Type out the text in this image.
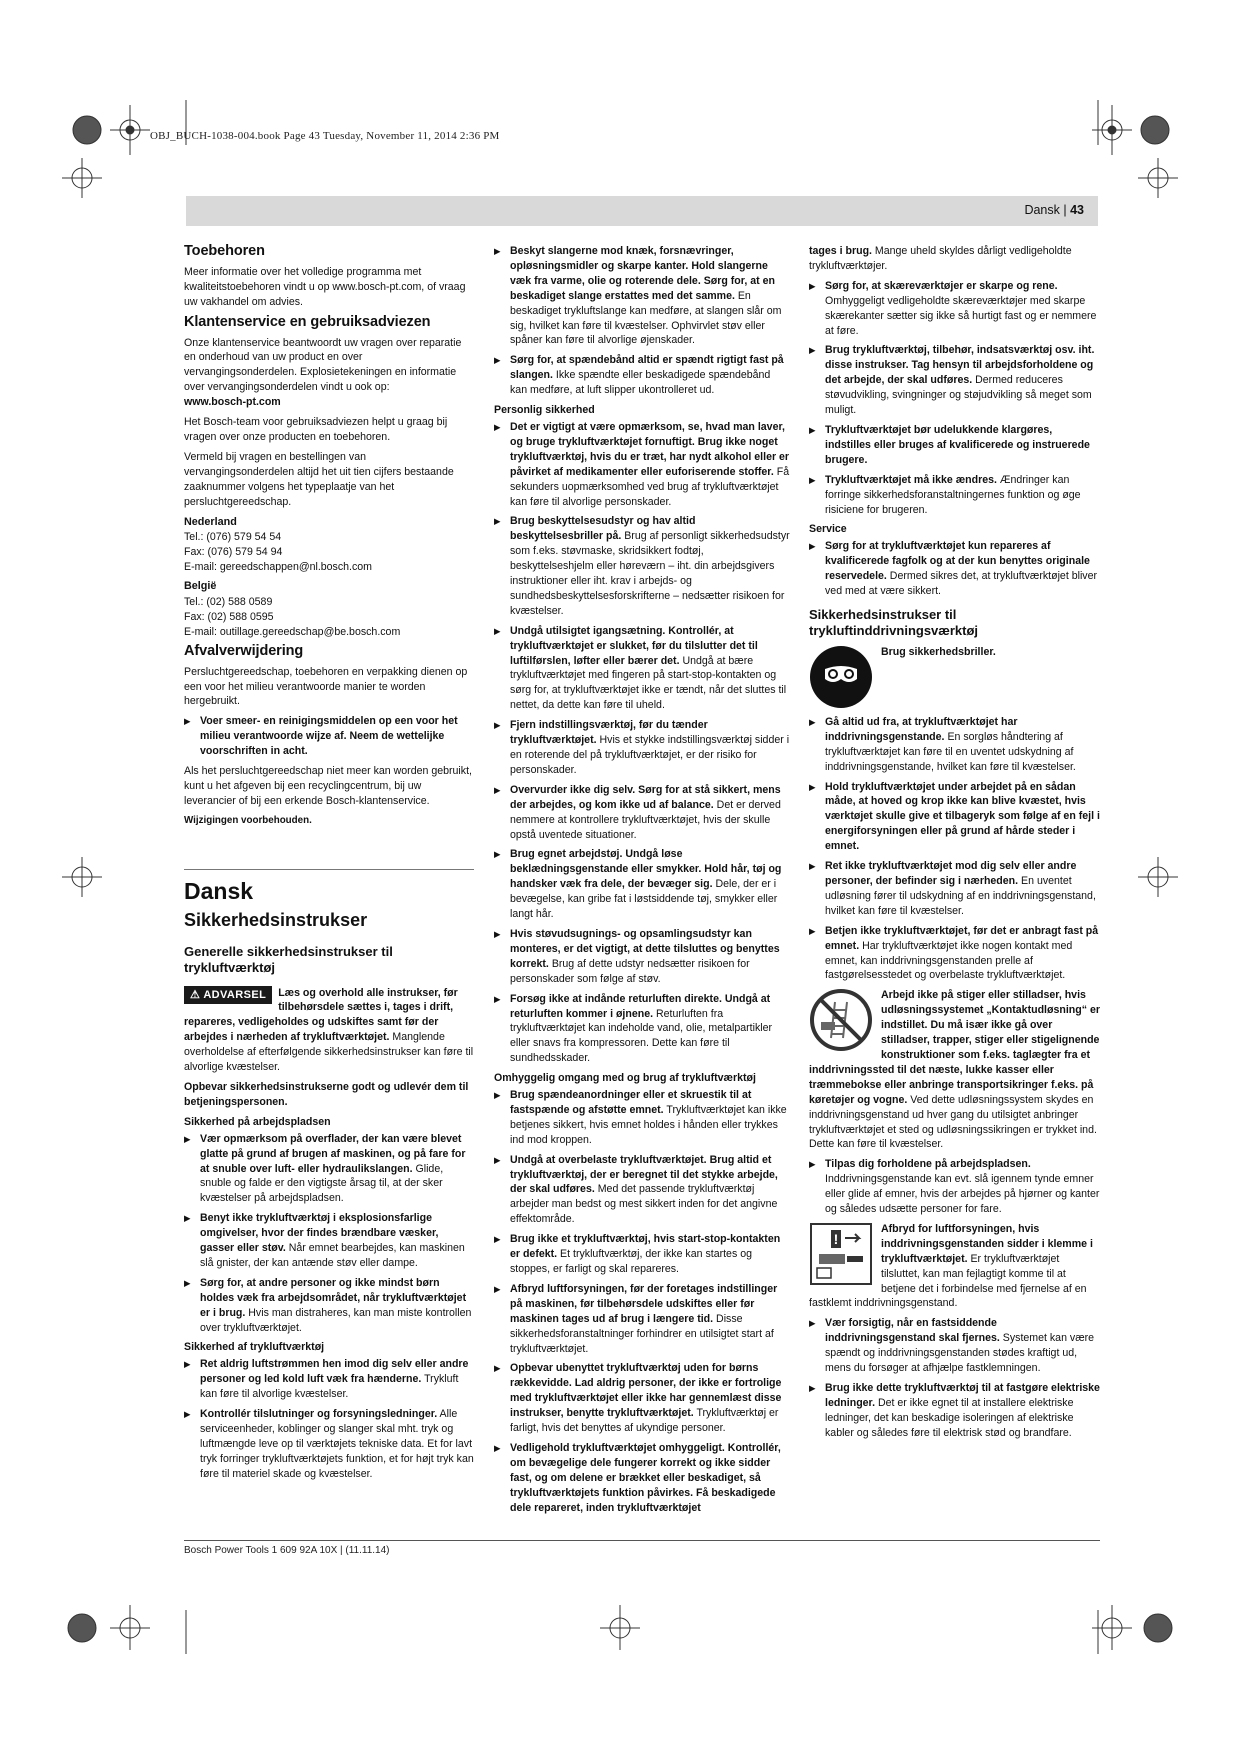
OBJ_BUCH-1038-004.book Page 43 Tuesday, November 11, 2014 2:36 PM
Dansk | 43
Toebehoren

Meer informatie over het volledige programma met kwaliteitstoebehoren vindt u op www.bosch-pt.com, of vraag uw vakhandel om advies.

Klantenservice en gebruiksadviezen

Onze klantenservice beantwoordt uw vragen over reparatie en onderhoud van uw product en over vervangingsonderdelen. Explosietekeningen en informatie over vervangingsonderdelen vindt u ook op:

www.bosch-pt.com

Het Bosch-team voor gebruiksadviezen helpt u graag bij vragen over onze producten en toebehoren.

Vermeld bij vragen en bestellingen van vervangingsonderdelen altijd het uit tien cijfers bestaande zaaknummer volgens het typeplaatje van het persluchtgereedschap.

Nederland
Tel.: (076) 579 54 54
Fax: (076) 579 54 94
E-mail: gereedschappen@nl.bosch.com
België
Tel.: (02) 588 0589
Fax: (02) 588 0595
E-mail: outillage.gereedschap@be.bosch.com
Afvalverwijdering

Persluchtgereedschap, toebehoren en verpakking dienen op een voor het milieu verantwoorde manier te worden hergebruikt.

▶ Voer smeer- en reinigingsmiddelen op een voor het milieu verantwoorde wijze af. Neem de wettelijke voorschriften in acht.

Als het persluchtgereedschap niet meer kan worden gebruikt, kunt u het afgeven bij een recyclingcentrum, bij uw leverancier of bij een erkende Bosch-klantenservice.

Wijzigingen voorbehouden.

Dansk
Sikkerhedsinstrukser
Generelle sikkerhedsinstrukser til trykluftværktøj

⚠ ADVARSEL	Læs og overhold alle instrukser, før tilbehørsdele sættes i, tages i drift, repareres, vedligeholdes og udskiftes samt før der arbejdes i nærheden af trykluftværktøjet. Manglende overholdelse af efterfølgende sikkerhedsinstrukser kan føre til alvorlige kvæstelser.

Opbevar sikkerhedsinstrukserne godt og udlevér dem til betjeningspersonen.

Sikkerhed på arbejdspladsen
▶ Vær opmærksom på overflader, der kan være blevet glatte på grund af brugen af maskinen, og på fare for at snuble over luft- eller hydraulikslangen. Glide, snuble og falde er den vigtigste årsag til, at der sker kvæstelser på arbejdspladsen.
▶ Benyt ikke trykluftværktøj i eksplosionsfarlige omgivelser, hvor der findes brændbare væsker, gasser eller støv. Når emnet bearbejdes, kan maskinen slå gnister, der kan antænde støv eller dampe.
▶ Sørg for, at andre personer og ikke mindst børn holdes væk fra arbejdsområdet, når trykluftværktøjet er i brug. Hvis man distraheres, kan man miste kontrollen over trykluftværktøjet.
Sikkerhed af trykluftværktøj
▶ Ret aldrig luftstrømmen hen imod dig selv eller andre personer og led kold luft væk fra hænderne. Trykluft kan føre til alvorlige kvæstelser.
▶ Kontrollér tilslutninger og forsyningsledninger. Alle serviceenheder, koblinger og slanger skal mht. tryk og luftmængde leve op til værktøjets tekniske data. Et for lavt tryk forringer trykluftværktøjets funktion, et for højt tryk kan føre til materiel skade og kvæstelser.
▶ Beskyt slangerne mod knæk, forsnævringer, opløsningsmidler og skarpe kanter. Hold slangerne væk fra varme, olie og roterende dele. Sørg for, at en beskadiget slange erstattes med det samme. En beskadiget trykluftslange kan medføre, at slangen slår om sig, hvilket kan føre til kvæstelser. Ophvirvlet støv eller spåner kan føre til alvorlige øjenskader.
▶ Sørg for, at spændebånd altid er spændt rigtigt fast på slangen. Ikke spændte eller beskadigede spændebånd kan medføre, at luft slipper ukontrolleret ud.
Personlig sikkerhed
▶ Det er vigtigt at være opmærksom, se, hvad man laver, og bruge trykluftværktøjet fornuftigt. Brug ikke noget trykluftværktøj, hvis du er træt, har nydt alkohol eller er påvirket af medikamenter eller euforiserende stoffer. Få sekunders uopmærksomhed ved brug af trykluftværktøjet kan føre til alvorlige personskader.
▶ Brug beskyttelsesudstyr og hav altid beskyttelsesbriller på. Brug af personligt sikkerhedsudstyr som f.eks. støvmaske, skridsikkert fodtøj, beskyttelseshjelm eller høreværn – iht. din arbejdsgivers instruktioner eller iht. krav i arbejds- og sundhedsbeskyttelsesforskrifterne – nedsætter risikoen for kvæstelser.
▶ Undgå utilsigtet igangsætning. Kontrollér, at trykluftværktøjet er slukket, før du tilslutter det til luftilførslen, løfter eller bærer det. Undgå at bære trykluftværktøjet med fingeren på start-stop-kontakten og sørg for, at trykluftværktøjet ikke er tændt, når det sluttes til nettet, da dette kan føre til uheld.
▶ Fjern indstillingsværktøj, før du tænder trykluftværktøjet. Hvis et stykke indstillingsværktøj sidder i en roterende del på trykluftværktøjet, er der risiko for personskader.
▶ Overvurder ikke dig selv. Sørg for at stå sikkert, mens der arbejdes, og kom ikke ud af balance. Det er derved nemmere at kontrollere trykluftværktøjet, hvis der skulle opstå uventede situationer.
▶ Brug egnet arbejdstøj. Undgå løse beklædningsgenstande eller smykker. Hold hår, tøj og handsker væk fra dele, der bevæger sig. Dele, der er i bevægelse, kan gribe fat i løstsiddende tøj, smykker eller langt hår.
▶ Hvis støvudsugnings- og opsamlingsudstyr kan monteres, er det vigtigt, at dette tilsluttes og benyttes korrekt. Brug af dette udstyr nedsætter risikoen for personskader som følge af støv.
▶ Forsøg ikke at indånde returluften direkte. Undgå at returluften kommer i øjnene. Returluften fra trykluftværktøjet kan indeholde vand, olie, metalpartikler eller snavs fra kompressoren. Dette kan føre til sundhedsskader.
Omhyggelig omgang med og brug af trykluftværktøj
▶ Brug spændeanordninger eller et skruestik til at fastspænde og afstøtte emnet. Trykluftværktøjet kan ikke betjenes sikkert, hvis emnet holdes i hånden eller trykkes ind mod kroppen.
▶ Undgå at overbelaste trykluftværktøjet. Brug altid et trykluftværktøj, der er beregnet til det stykke arbejde, der skal udføres. Med det passende trykluftværktøj arbejder man bedst og mest sikkert inden for det angivne effektområde.
▶ Brug ikke et trykluftværktøj, hvis start-stop-kontakten er defekt. Et trykluftværktøj, der ikke kan startes og stoppes, er farligt og skal repareres.
▶ Afbryd luftforsyningen, før der foretages indstillinger på maskinen, før tilbehørsdele udskiftes eller før maskinen tages ud af brug i længere tid. Disse sikkerhedsforanstaltninger forhindrer en utilsigtet start af trykluftværktøjet.
▶ Opbevar ubenyttet trykluftværktøj uden for børns rækkevidde. Lad aldrig personer, der ikke er fortrolige med trykluftværktøjet eller ikke har gennemlæst disse instrukser, benytte trykluftværktøjet. Trykluftværktøj er farligt, hvis det benyttes af ukyndige personer.
▶ Vedligehold trykluftværktøjet omhyggeligt. Kontrollér, om bevægelige dele fungerer korrekt og ikke sidder fast, og om delene er brækket eller beskadiget, så trykluftværktøjets funktion påvirkes. Få beskadigede dele repareret, inden trykluftværktøjet

tages i brug. Mange uheld skyldes dårligt vedligeholdte trykluftværktøjer.

▶ Sørg for, at skæreværktøjer er skarpe og rene. Omhyggeligt vedligeholdte skæreværktøjer med skarpe skærekanter sætter sig ikke så hurtigt fast og er nemmere at føre.
▶ Brug trykluftværktøj, tilbehør, indsatsværktøj osv. iht. disse instrukser. Tag hensyn til arbejdsforholdene og det arbejde, der skal udføres. Dermed reduceres støvudvikling, svingninger og støjudvikling så meget som muligt.
▶ Trykluftværktøjet bør udelukkende klargøres, indstilles eller bruges af kvalificerede og instruerede brugere.
▶ Trykluftværktøjet må ikke ændres. Ændringer kan forringe sikkerhedsforanstaltningernes funktion og øge risiciene for brugeren.
Service
▶ Sørg for at trykluftværktøjet kun repareres af kvalificerede fagfolk og at der kun benyttes originale reservedele. Dermed sikres det, at trykluftværktøjet bliver ved med at være sikkert.
Sikkerhedsinstrukser til trykluftinddrivningsværktøj
Brug sikkerhedsbriller.
▶ Gå altid ud fra, at trykluftværktøjet har inddrivningsgenstande. En sorgløs håndtering af trykluftværktøjet kan føre til en uventet udskydning af inddrivningsgenstande, hvilket kan føre til kvæstelser.
▶ Hold trykluftværktøjet under arbejdet på en sådan måde, at hoved og krop ikke kan blive kvæstet, hvis værktøjet skulle give et tilbageryk som følge af en fejl i energiforsyningen eller på grund af hårde steder i emnet.
▶ Ret ikke trykluftværktøjet mod dig selv eller andre personer, der befinder sig i nærheden. En uventet udløsning fører til udskydning af en inddrivningsgenstand, hvilket kan føre til kvæstelser.
▶ Betjen ikke trykluftværktøjet, før det er anbragt fast på emnet. Har trykluftværktøjet ikke nogen kontakt med emnet, kan inddrivningsgenstanden prelle af fastgørelsesstedet og overbelaste trykluftværktøjet.

Arbejd ikke på stiger eller stilladser, hvis udløsningssystemet „Kontaktudløsning“ er indstillet. Du må især ikke gå over stilladser, trapper, stiger eller stigelignende konstruktioner som f.eks. taglægter fra et inddrivningssted til det næste, lukke kasser eller træmmebokse eller anbringe transportsikringer f.eks. på køretøjer og vogne. Ved dette udløsningssystem skydes en inddrivningsgenstand ud hver gang du utilsigtet anbringer trykluftværktøjet et sted og udløsningssikringen er trykket ind. Dette kan føre til kvæstelser.

▶ Tilpas dig forholdene på arbejdspladsen. Inddrivningsgenstande kan evt. slå igennem tynde emner eller glide af emner, hvis der arbejdes på hjørner og kanter og således udsætte personer for fare.

!
Afbryd for luftforsyningen, hvis inddrivningsgenstanden sidder i klemme i trykluftværktøjet. Er trykluftværktøjet tilsluttet, kan man fejlagtigt komme til at betjene det i forbindelse med fjernelse af en fastklemt inddrivningsgenstand.

▶ Vær forsigtig, når en fastsiddende inddrivningsgenstand skal fjernes. Systemet kan være spændt og inddrivningsgenstanden stødes kraftigt ud, mens du forsøger at afhjælpe fastklemningen.
▶ Brug ikke dette trykluftværktøj til at fastgøre elektriske ledninger. Det er ikke egnet til at installere elektriske ledninger, det kan beskadige isoleringen af elektriske kabler og således føre til elektrisk stød og brandfare.
Bosch Power Tools 1 609 92A 10X | (11.11.14)
